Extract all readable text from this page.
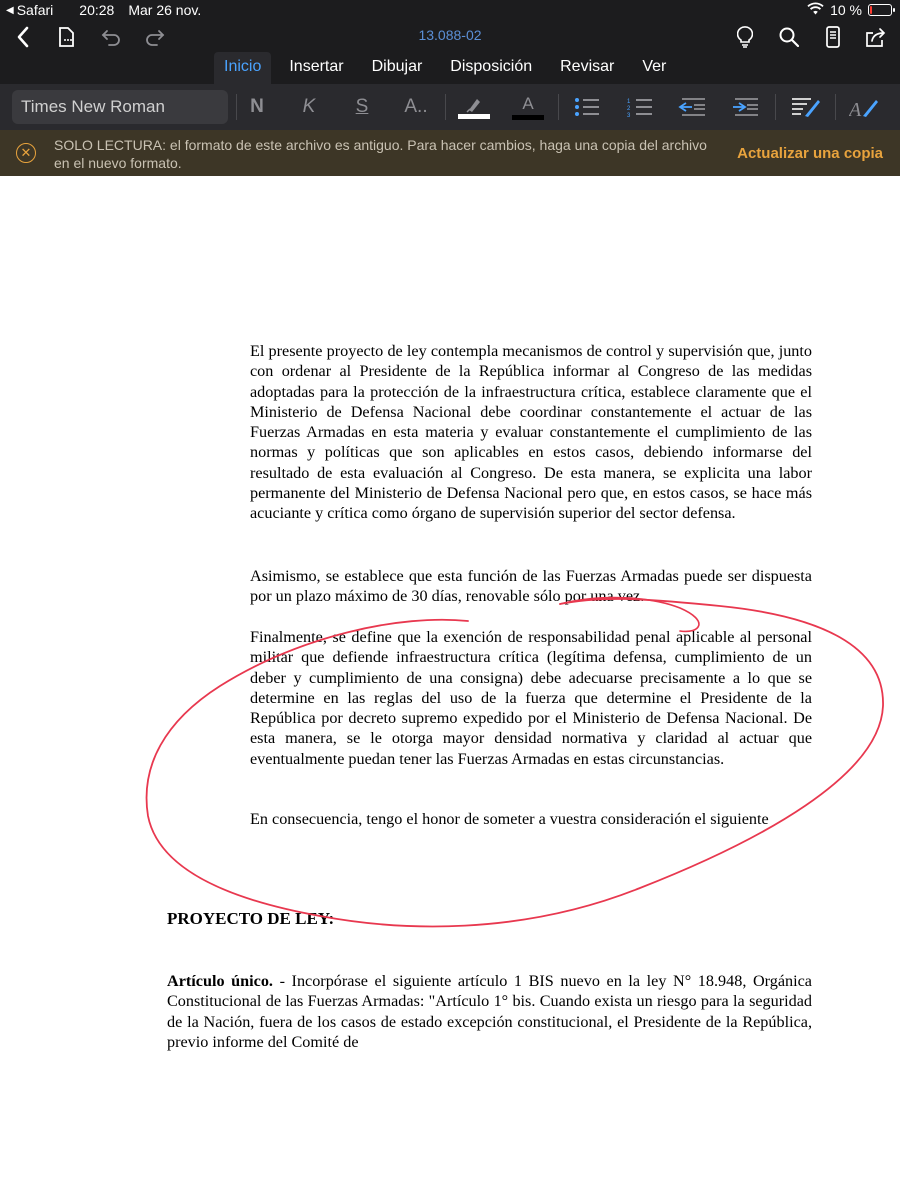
◀ Safari 20:28 Mar 26 nov.	10 %
13.088-02
Inicio	Insertar	Dibujar	Disposición	Revisar	Ver
Times New Roman	N	K	S	A..	A	1
2
3	A
✕	SOLO LECTURA: el formato de este archivo es antiguo. Para hacer cambios, haga una copia del archivo en el nuevo formato.
Actualizar una copia
El presente proyecto de ley contempla mecanismos de control y supervisión que, junto con ordenar al Presidente de la República informar al Congreso de las medidas adoptadas para la protección de la infraestructura crítica, establece claramente que el Ministerio de Defensa Nacional debe coordinar constantemente el actuar de las Fuerzas Armadas en esta materia y evaluar constantemente el cumplimiento de las normas y políticas que son aplicables en estos casos, debiendo informarse del resultado de esta evaluación al Congreso. De esta manera, se explicita una labor permanente del Ministerio de Defensa Nacional pero que, en estos casos, se hace más acuciante y crítica como órgano de supervisión superior del sector defensa.
Asimismo, se establece que esta función de las Fuerzas Armadas puede ser dispuesta por un plazo máximo de 30 días, renovable sólo por una vez.
Finalmente, se define que la exención de responsabilidad penal aplicable al personal militar que defiende infraestructura crítica (legítima defensa, cumplimiento de un deber y cumplimiento de una consigna) debe adecuarse precisamente a lo que se determine en las reglas del uso de la fuerza que determine el Presidente de la República por decreto supremo expedido por el Ministerio de Defensa Nacional. De esta manera, se le otorga mayor densidad normativa y claridad al actuar que eventualmente puedan tener las Fuerzas Armadas en estas circunstancias.
En consecuencia, tengo el honor de someter a vuestra consideración el siguiente
PROYECTO DE LEY:
Artículo único. - Incorpórase el siguiente artículo 1 BIS nuevo en la ley N° 18.948, Orgánica Constitucional de las Fuerzas Armadas: "Artículo 1° bis. Cuando exista un riesgo para la seguridad de la Nación, fuera de los casos de estado excepción constitucional, el Presidente de la República, previo informe del Comité de
